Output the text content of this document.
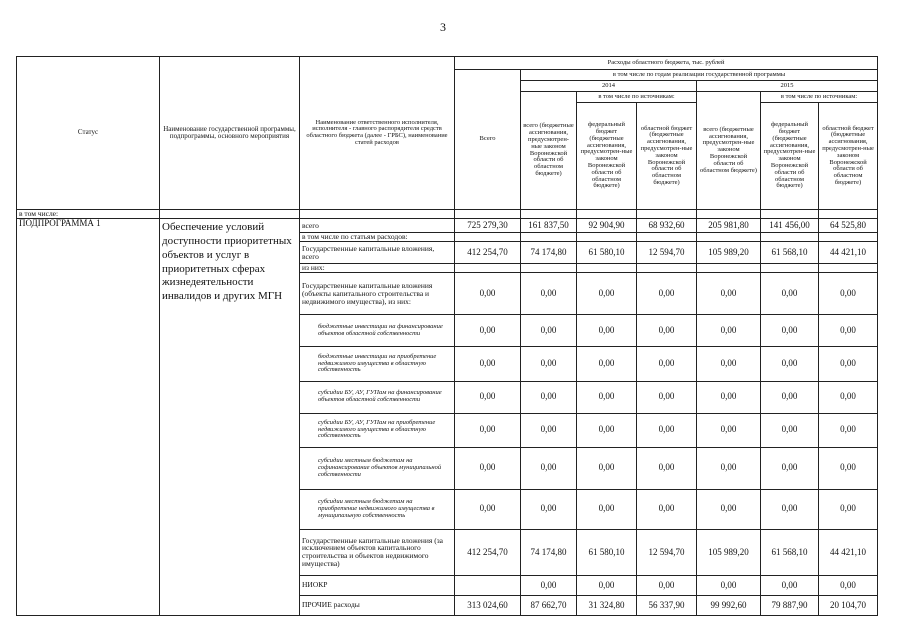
3
Статус	Наименование государственной программы, подпрограммы, основного мероприятия	Наименование ответственного исполнителя, исполнителя - главного распорядителя средств областного бюджета (далее - ГРБС), наименование статей расходов	Расходы областного бюджета, тыс. рублей						
			Всего	в том числе по годам реализации государственной программы					
				2014			2015		
				всего (бюджетные ассигнования, предусмотрен-ные законом Воронежской области об областном бюджете)	в том числе по источникам:		всего (бюджетные ассигнования, предусмотрен-ные законом Воронежской области об областном бюджете)	в том числе по источникам:	
					федеральный бюджет (бюджетные ассигнования, предусмотрен-ные законом Воронежской области об областном бюджете)	областной бюджет (бюджетные ассигнования, предусмотрен-ные законом Воронежской области об областном бюджете)		федеральный бюджет (бюджетные ассигнования, предусмотрен-ные законом Воронежской области об областном бюджете)	областной бюджет (бюджетные ассигнования, предусмотрен-ные законом Воронежской области об областном бюджете)
в том числе:									
ПОДПРОГРАММА 1	Обеспечение условий доступности приоритетных объектов и услуг в приоритетных сферах жизнедеятельности инвалидов и других МГН	всего	725 279,30	161 837,50	92 904,90	68 932,60	205 981,80	141 456,00	64 525,80
		в том числе по статьям расходов:							
		Государственные капитальные вложения, всего	412 254,70	74 174,80	61 580,10	12 594,70	105 989,20	61 568,10	44 421,10
		из них:							
		Государственные капитальные вложения (объекты капитального строительства и недвижимого имущества), из них:	0,00	0,00	0,00	0,00	0,00	0,00	0,00
		бюджетные инвестиции на финансирование объектов областной собственности	0,00	0,00	0,00	0,00	0,00	0,00	0,00
		бюджетные инвестиции на приобретение недвижимого имущества в областную собственность	0,00	0,00	0,00	0,00	0,00	0,00	0,00
		субсидии БУ, АУ, ГУПам на финансирование объектов областной собственности	0,00	0,00	0,00	0,00	0,00	0,00	0,00
		субсидии БУ, АУ, ГУПам на приобретение недвижимого имущества в областную собственность	0,00	0,00	0,00	0,00	0,00	0,00	0,00
		субсидии местным бюджетам на софинансирование объектов муниципальной собственности	0,00	0,00	0,00	0,00	0,00	0,00	0,00
		субсидии местным бюджетам на приобретение недвижимого имущества в муниципальную собственность	0,00	0,00	0,00	0,00	0,00	0,00	0,00
		Государственные капитальные вложения (за исключением объектов капитального строительства и объектов недвижимого имущества)	412 254,70	74 174,80	61 580,10	12 594,70	105 989,20	61 568,10	44 421,10
		НИОКР		0,00	0,00	0,00	0,00	0,00	0,00
		ПРОЧИЕ расходы	313 024,60	87 662,70	31 324,80	56 337,90	99 992,60	79 887,90	20 104,70
